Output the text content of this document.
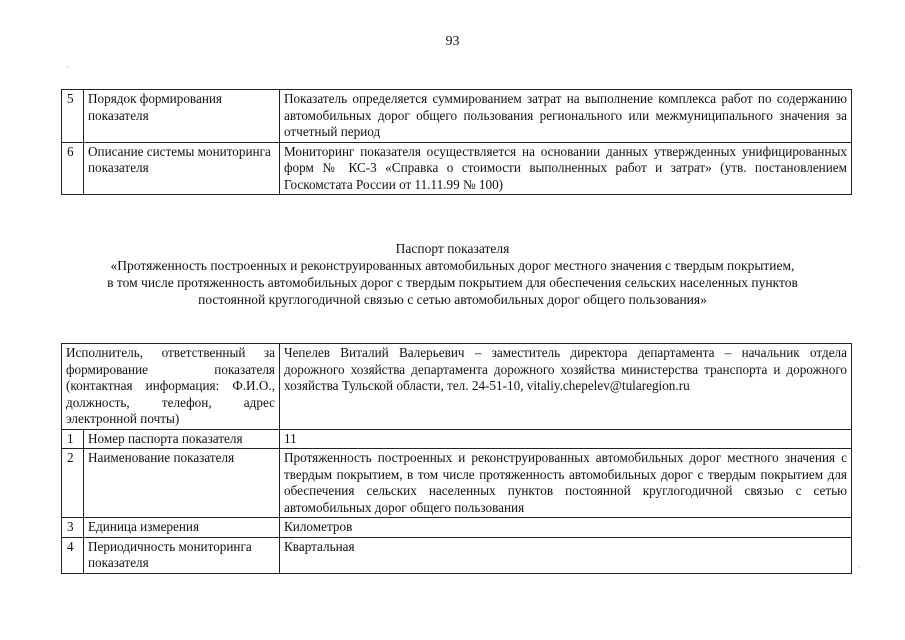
93
5	Порядок формирования показателя	Показатель определяется суммированием затрат на выполнение комплекса работ по содержанию автомобильных дорог общего пользования регионального или межмуниципального значения за отчетный период
6	Описание системы мониторинга показателя	Мониторинг показателя осуществляется на основании данных утвержденных унифицированных форм № КС-3 «Справка о стоимости выполненных работ и затрат» (утв. постановлением Госкомстата России от 11.11.99 № 100)
Паспорт показателя
«Протяженность построенных и реконструированных автомобильных дорог местного значения с твердым покрытием,
в том числе протяженность автомобильных дорог с твердым покрытием для обеспечения сельских населенных пунктов
постоянной круглогодичной связью с сетью автомобильных дорог общего пользования»
Исполнитель, ответственный за формирование показателя (контактная информация: Ф.И.О., должность, телефон, адрес электронной почты)		Чепелев Виталий Валерьевич – заместитель директора департамента – начальник отдела дорожного хозяйства департамента дорожного хозяйства министерства транспорта и дорожного хозяйства Тульской области, тел. 24-51-10, vitaliy.chepelev@tularegion.ru
1	Номер паспорта показателя	11
2	Наименование показателя	Протяженность построенных и реконструированных автомобильных дорог местного значения с твердым покрытием, в том числе протяженность автомобильных дорог с твердым покрытием для обеспечения сельских населенных пунктов постоянной круглогодичной связью с сетью автомобильных дорог общего пользования
3	Единица измерения	Километров
4	Периодичность мониторинга показателя	Квартальная
·
·
